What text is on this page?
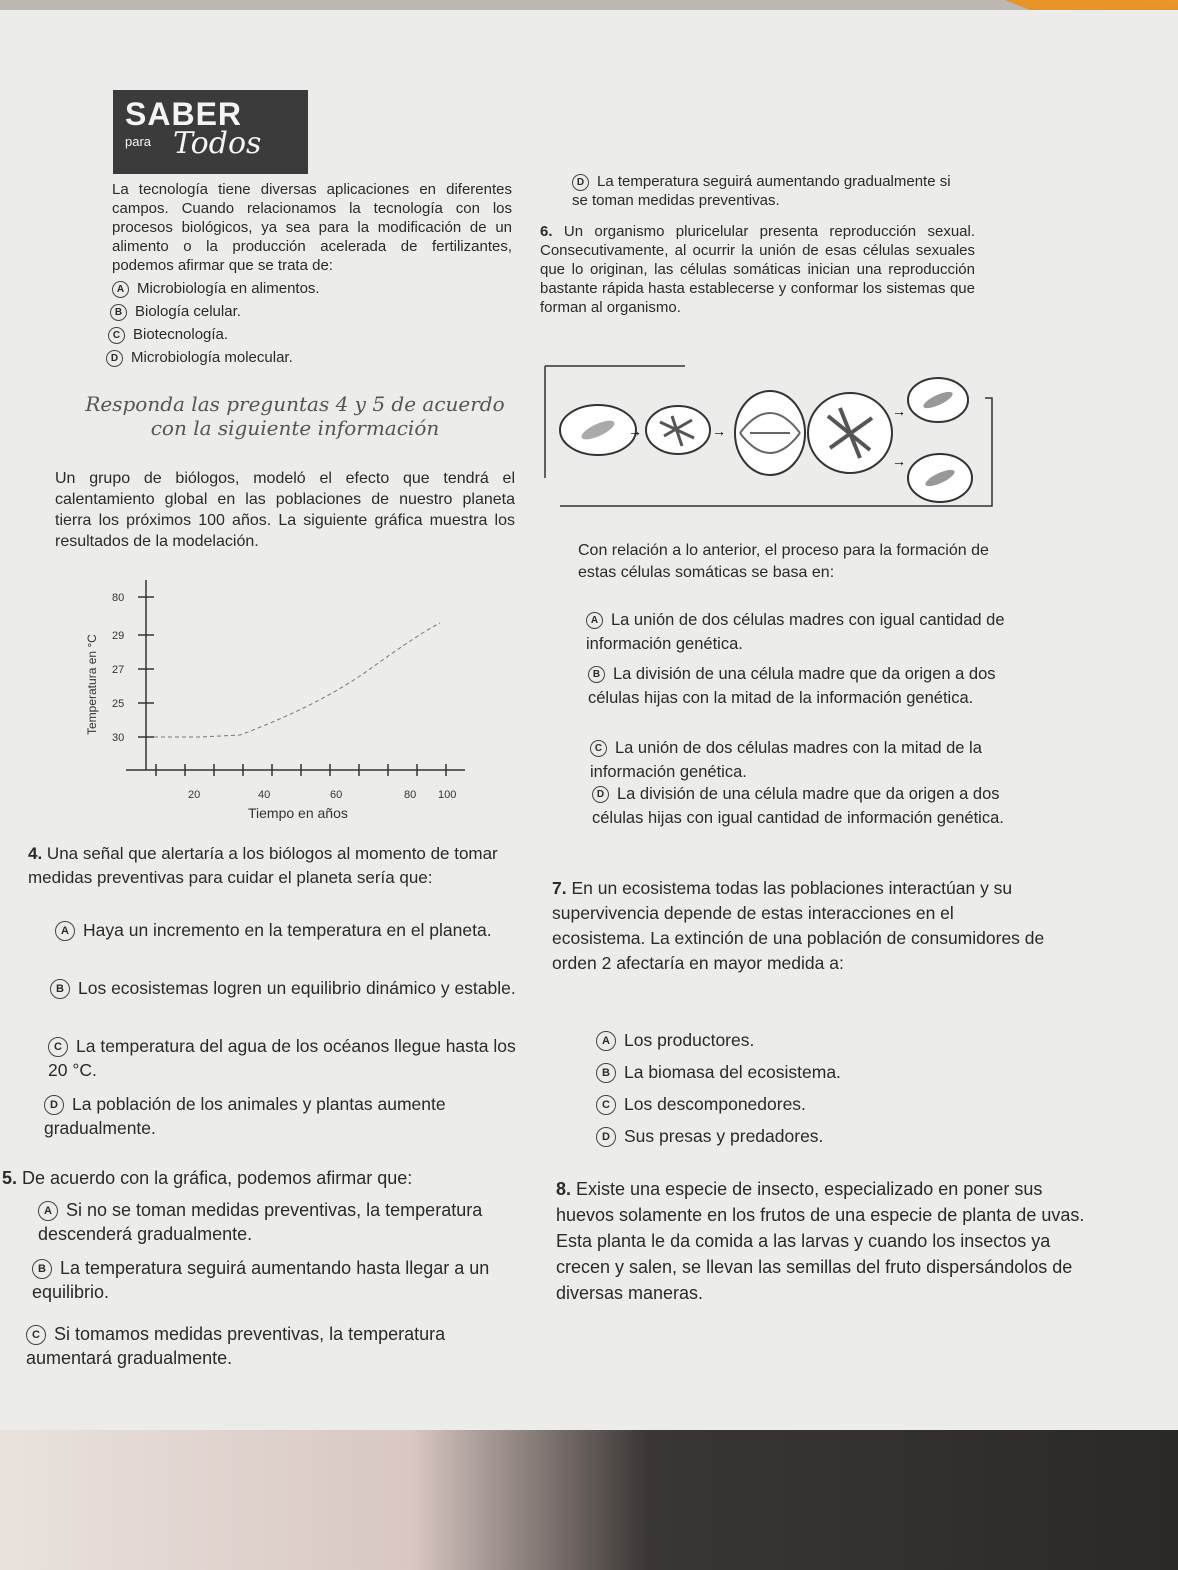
SABER
para Todos
La tecnología tiene diversas aplicaciones en diferentes campos. Cuando relacionamos la tecnología con los procesos biológicos, ya sea para la modificación de un alimento o la producción acelerada de fertilizantes, podemos afirmar que se trata de:
A Microbiología en alimentos.
B Biología celular.
C Biotecnología.
D Microbiología molecular.
Responda las preguntas 4 y 5 de acuerdo
con la siguiente información
Un grupo de biólogos, modeló el efecto que tendrá el calentamiento global en las poblaciones de nuestro planeta tierra los próximos 100 años. La siguiente gráfica muestra los resultados de la modelación.
Temperatura en °C
30
25
27
29
80
20	40	60	80 100
Tiempo en años
4. Una señal que alertaría a los biólogos al momento de tomar medidas preventivas para cuidar el planeta sería que:
A Haya un incremento en la temperatura en el planeta.
B Los ecosistemas logren un equilibrio dinámico y estable.
C La temperatura del agua de los océanos llegue hasta los 20 °C.
D La población de los animales y plantas aumente gradualmente.
5. De acuerdo con la gráfica, podemos afirmar que:
A Si no se toman medidas preventivas, la temperatura descenderá gradualmente.
B La temperatura seguirá aumentando hasta llegar a un equilibrio.
C Si tomamos medidas preventivas, la temperatura aumentará gradualmente.
D La temperatura seguirá aumentando gradualmente si se toman medidas preventivas.
6. Un organismo pluricelular presenta reproducción sexual. Consecutivamente, al ocurrir la unión de esas células sexuales que lo originan, las células somáticas inician una reproducción bastante rápida hasta establecerse y conformar los sistemas que forman al organismo.
→	→
→
→
Con relación a lo anterior, el proceso para la formación de estas células somáticas se basa en:
A La unión de dos células madres con igual cantidad de información genética.
B La división de una célula madre que da origen a dos células hijas con la mitad de la información genética.
C La unión de dos células madres con la mitad de la información genética.
D La división de una célula madre que da origen a dos células hijas con igual cantidad de información genética.
7. En un ecosistema todas las poblaciones interactúan y su supervivencia depende de estas interacciones en el ecosistema. La extinción de una población de consumidores de orden 2 afectaría en mayor medida a:
A Los productores.
B La biomasa del ecosistema.
C Los descomponedores.
D Sus presas y predadores.
8. Existe una especie de insecto, especializado en poner sus huevos solamente en los frutos de una especie de planta de uvas. Esta planta le da comida a las larvas y cuando los insectos ya crecen y salen, se llevan las semillas del fruto dispersándolos de diversas maneras.
